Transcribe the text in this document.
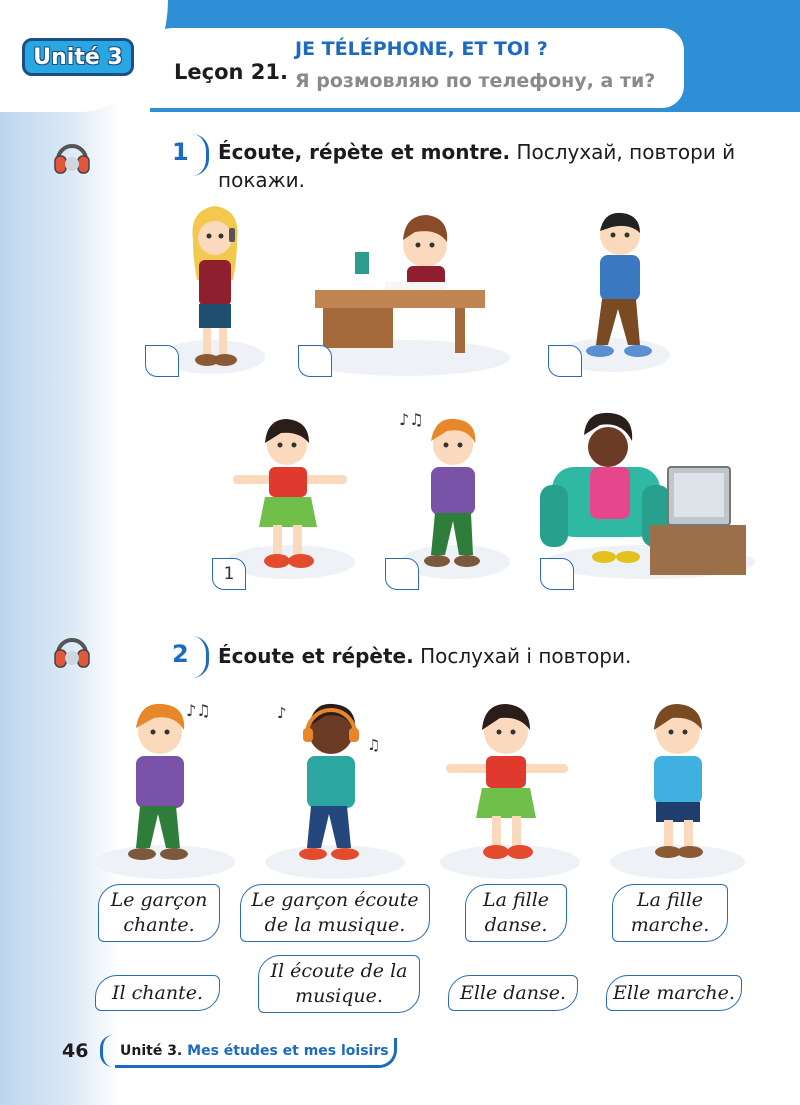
Unité 3
Leçon 21.
JE TÉLÉPHONE, ET TOI ?
Я розмовляю по телефону, а ти?
1 Écoute, répète et montre. Послухай, повтори й покажи.
1
♪♫
2 Écoute et répète. Послухай і повтори.
♪♫	♪
♫
Le garçon chante.
Le garçon écoute de la musique.
La fille danse.
La fille marche.
Il chante.
Il écoute de la musique.	Elle danse.	Elle marche.
46 Unité 3. Mes études et mes loisirs
